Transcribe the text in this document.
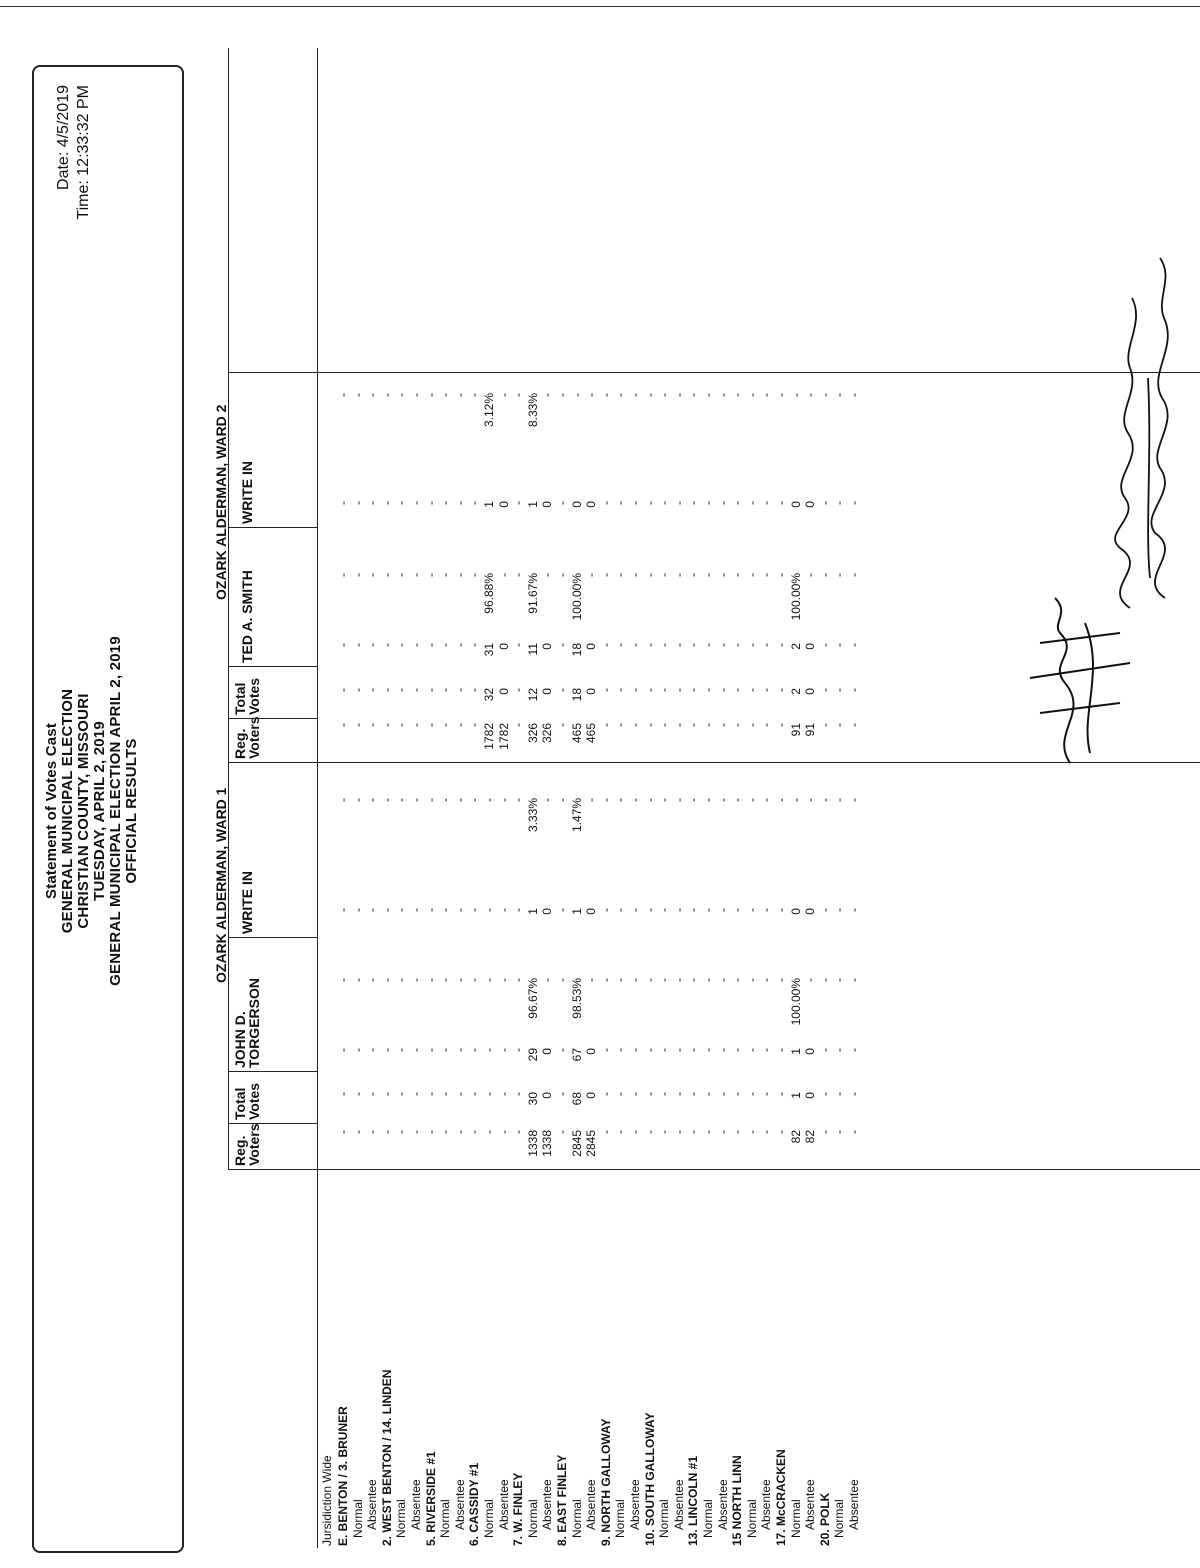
Statement of Votes Cast GENERAL MUNICIPAL ELECTION CHRISTIAN COUNTY, MISSOURI TUESDAY, APRIL 2, 2019 GENERAL MUNICIPAL ELECTION APRIL 2, 2019 OFFICIAL RESULTS
Date: 4/5/2019 Time: 12:33:32 PM
OZARK ALDERMAN, WARD 1
OZARK ALDERMAN, WARD 2
Reg.
Voters
Total
Votes
JOHN D.
TORGERSON
WRITE IN
Reg.
Voters
Total
Votes
TED A. SMITH
WRITE IN
Jursidiction Wide E. BENTON / 3. BRUNER
-
-
-
-
-
-
-
-
-
-
-
-
Normal
-
-
-
-
-
-
-
-
-
-
-
-
Absentee
-
-
-
-
-
-
-
-
-
-
-
-
2. WEST BENTON / 14. LINDEN
-
-
-
-
-
-
-
-
-
-
-
-
Normal
-
-
-
-
-
-
-
-
-
-
-
-
Absentee
-
-
-
-
-
-
-
-
-
-
-
-
5. RIVERSIDE #1
-
-
-
-
-
-
-
-
-
-
-
-
Normal
-
-
-
-
-
-
-
-
-
-
-
-
Absentee
-
-
-
-
-
-
-
-
-
-
-
-
6. CASSIDY #1
-
-
-
-
-
-
-
-
-
-
-
-
Normal
-
-
-
-
-
-
1782
32
31
96.88%
1
3.12%
Absentee
-
-
-
-
-
-
1782
0
0
-
0
-
7. W. FINLEY
-
-
-
-
-
-
-
-
-
-
-
-
Normal
1338
30
29
96.67%
1
3.33%
326
12
11
91.67%
1
8.33%
Absentee
1338
0
0
-
0
-
326
0
0
-
0
-
8. EAST FINLEY
-
-
-
-
-
-
-
-
-
-
-
-
Normal
2845
68
67
98.53%
1
1.47%
465
18
18
100.00%
0
-
Absentee
2845
0
0
-
0
-
465
0
0
-
0
-
9. NORTH GALLOWAY
-
-
-
-
-
-
-
-
-
-
-
-
Normal
-
-
-
-
-
-
-
-
-
-
-
-
Absentee
-
-
-
-
-
-
-
-
-
-
-
-
10. SOUTH GALLOWAY
-
-
-
-
-
-
-
-
-
-
-
-
Normal
-
-
-
-
-
-
-
-
-
-
-
-
Absentee
-
-
-
-
-
-
-
-
-
-
-
-
13. LINCOLN #1
-
-
-
-
-
-
-
-
-
-
-
-
Normal
-
-
-
-
-
-
-
-
-
-
-
-
Absentee
-
-
-
-
-
-
-
-
-
-
-
-
15 NORTH LINN
-
-
-
-
-
-
-
-
-
-
-
-
Normal
-
-
-
-
-
-
-
-
-
-
-
-
Absentee
-
-
-
-
-
-
-
-
-
-
-
-
17. McCRACKEN
-
-
-
-
-
-
-
-
-
-
-
-
Normal
82
1
1
100.00%
0
-
91
2
2
100.00%
0
-
Absentee
82
0
0
-
0
-
91
0
0
-
0
-
20. POLK
-
-
-
-
-
-
-
-
-
-
-
-
Normal
-
-
-
-
-
-
-
-
-
-
-
-
Absentee
-
-
-
-
-
-
-
-
-
-
-
-
